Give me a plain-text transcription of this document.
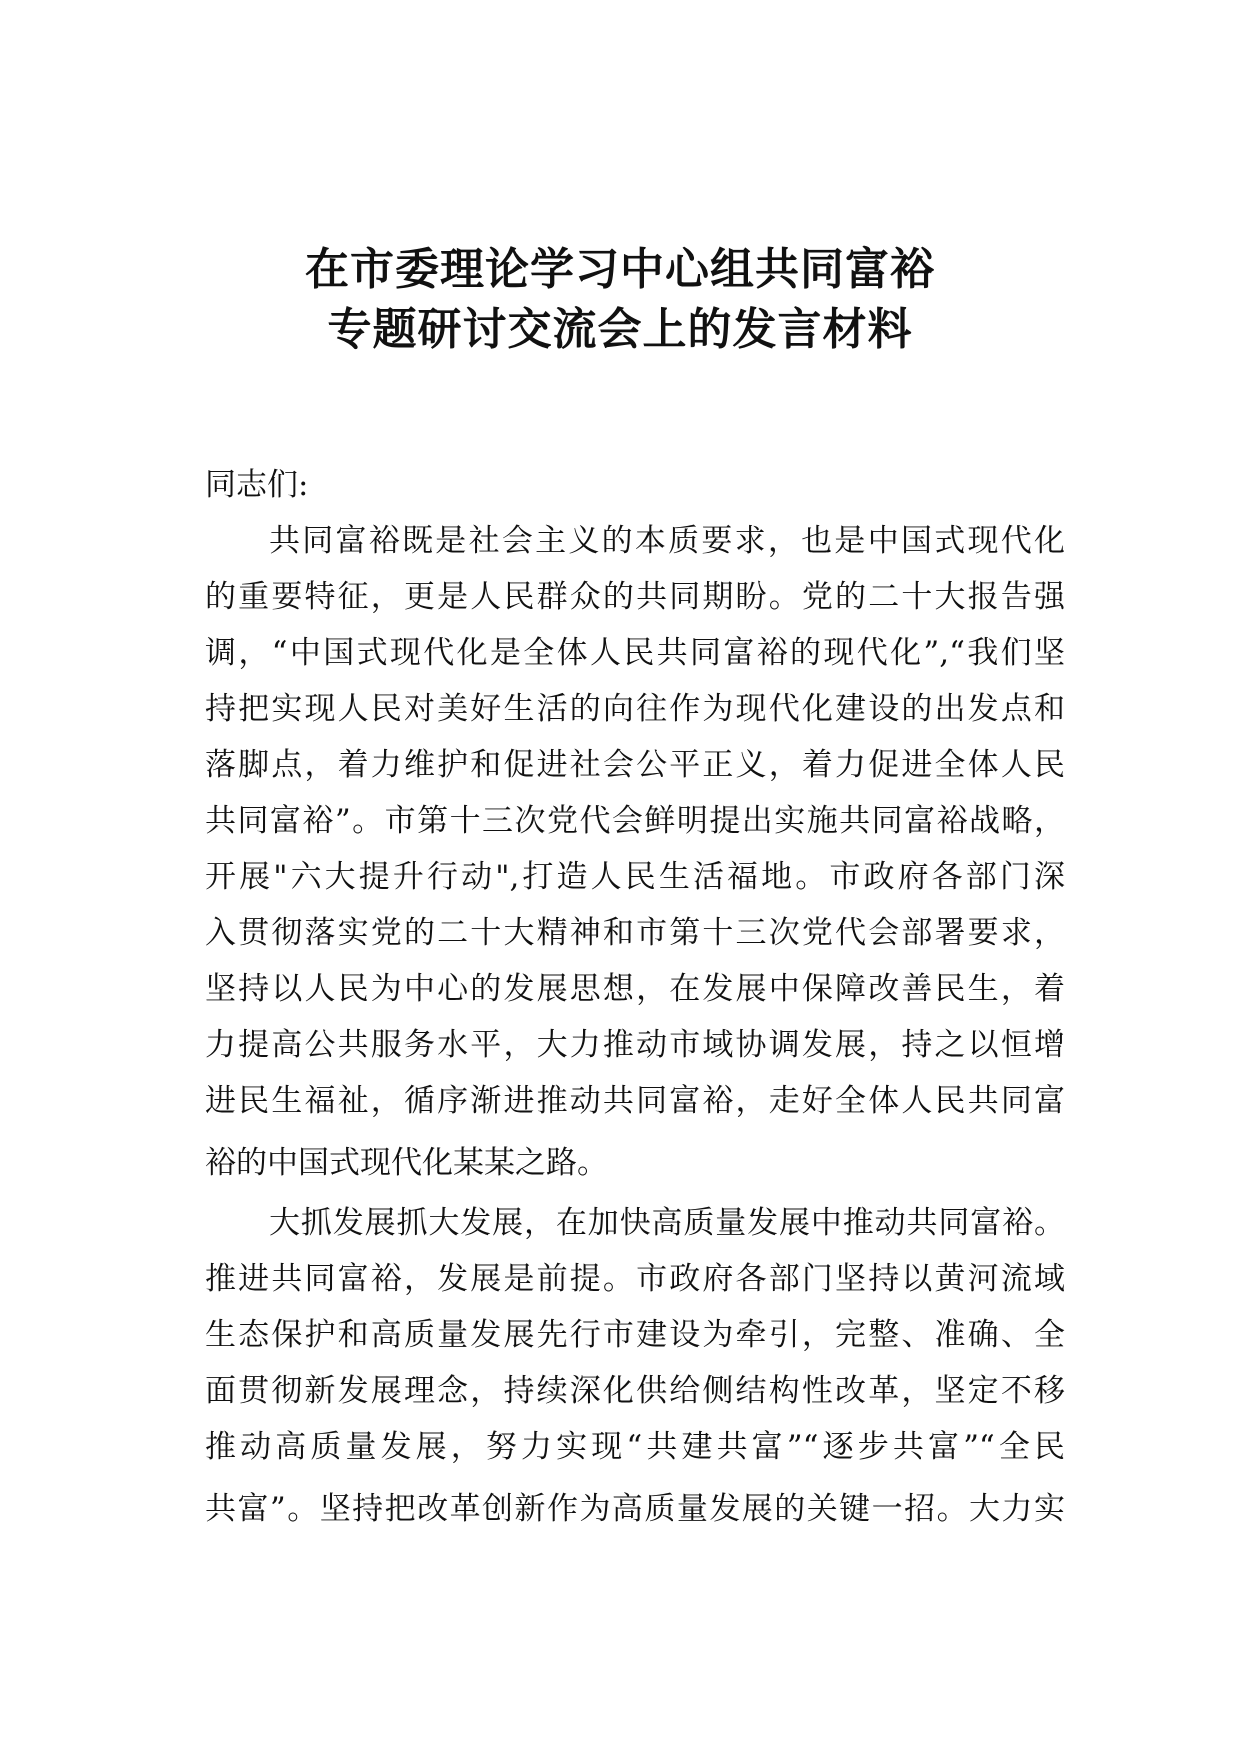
在市委理论学习中心组共同富裕
专题研讨交流会上的发言材料

同志们:

共同富裕既是社会主义的本质要求，也是中国式现代化
的重要特征，更是人民群众的共同期盼。党的二十大报告强
调，“中国式现代化是全体人民共同富裕的现代化”,“我们坚
持把实现人民对美好生活的向往作为现代化建设的出发点和
落脚点，着力维护和促进社会公平正义，着力促进全体人民
共同富裕”。市第十三次党代会鲜明提出实施共同富裕战略，
开展"六大提升行动",打造人民生活福地。市政府各部门深
入贯彻落实党的二十大精神和市第十三次党代会部署要求，
坚持以人民为中心的发展思想，在发展中保障改善民生，着
力提高公共服务水平，大力推动市域协调发展，持之以恒增
进民生福祉，循序渐进推动共同富裕，走好全体人民共同富
裕的中国式现代化某某之路。
大抓发展抓大发展，在加快高质量发展中推动共同富裕。
推进共同富裕，发展是前提。市政府各部门坚持以黄河流域
生态保护和高质量发展先行市建设为牵引，完整、准确、全
面贯彻新发展理念，持续深化供给侧结构性改革，坚定不移
推动高质量发展，努力实现“共建共富”“逐步共富”“全民
共富”。坚持把改革创新作为高质量发展的关键一招。大力实
